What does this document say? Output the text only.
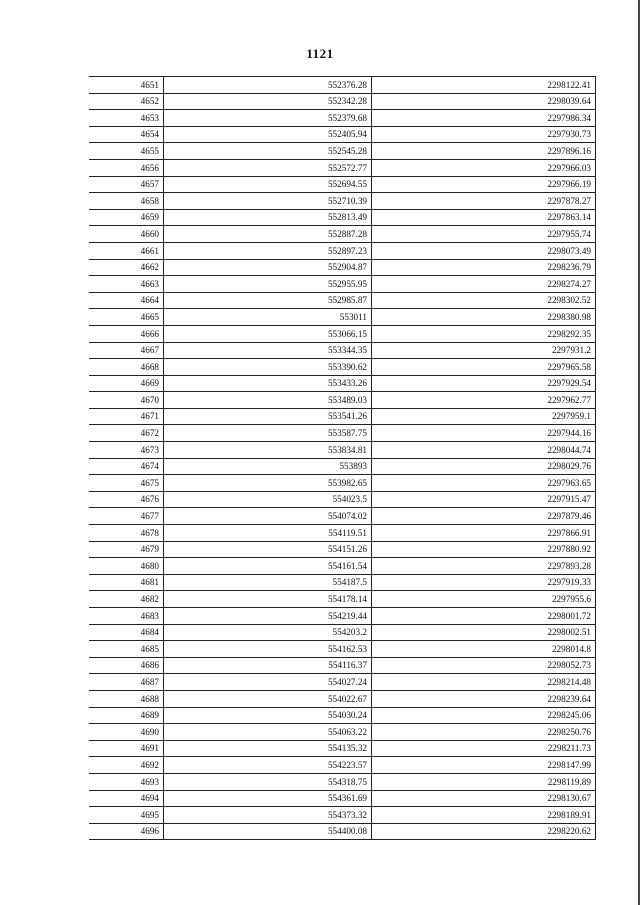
1121
4651	552376.28	2298122.41
4652	552342.28	2298039.64
4653	552379.68	2297986.34
4654	552405.94	2297930.73
4655	552545.28	2297896.16
4656	552572.77	2297966.03
4657	552694.55	2297966.19
4658	552710.39	2297878.27
4659	552813.49	2297863.14
4660	552887.28	2297955.74
4661	552897.23	2298073.49
4662	552904.87	2298236.79
4663	552955.95	2298274.27
4664	552985.87	2298302.52
4665	553011	2298380.98
4666	553066.15	2298292.35
4667	553344.35	2297931.2
4668	553390.62	2297965.58
4669	553433.26	2297929.54
4670	553489.03	2297962.77
4671	553541.26	2297959.1
4672	553587.75	2297944.16
4673	553834.81	2298044.74
4674	553893	2298029.76
4675	553982.65	2297963.65
4676	554023.5	2297915.47
4677	554074.02	2297879.46
4678	554119.51	2297866.91
4679	554151.26	2297880.92
4680	554161.54	2297893.28
4681	554187.5	2297919.33
4682	554178.14	2297955.6
4683	554219.44	2298001.72
4684	554203.2	2298002.51
4685	554162.53	2298014.8
4686	554116.37	2298052.73
4687	554027.24	2298214.48
4688	554022.67	2298239.64
4689	554030.24	2298245.06
4690	554063.22	2298250.76
4691	554135.32	2298211.73
4692	554223.57	2298147.99
4693	554318.75	2298119.89
4694	554361.69	2298130.67
4695	554373.32	2298189.91
4696	554400.08	2298220.62
